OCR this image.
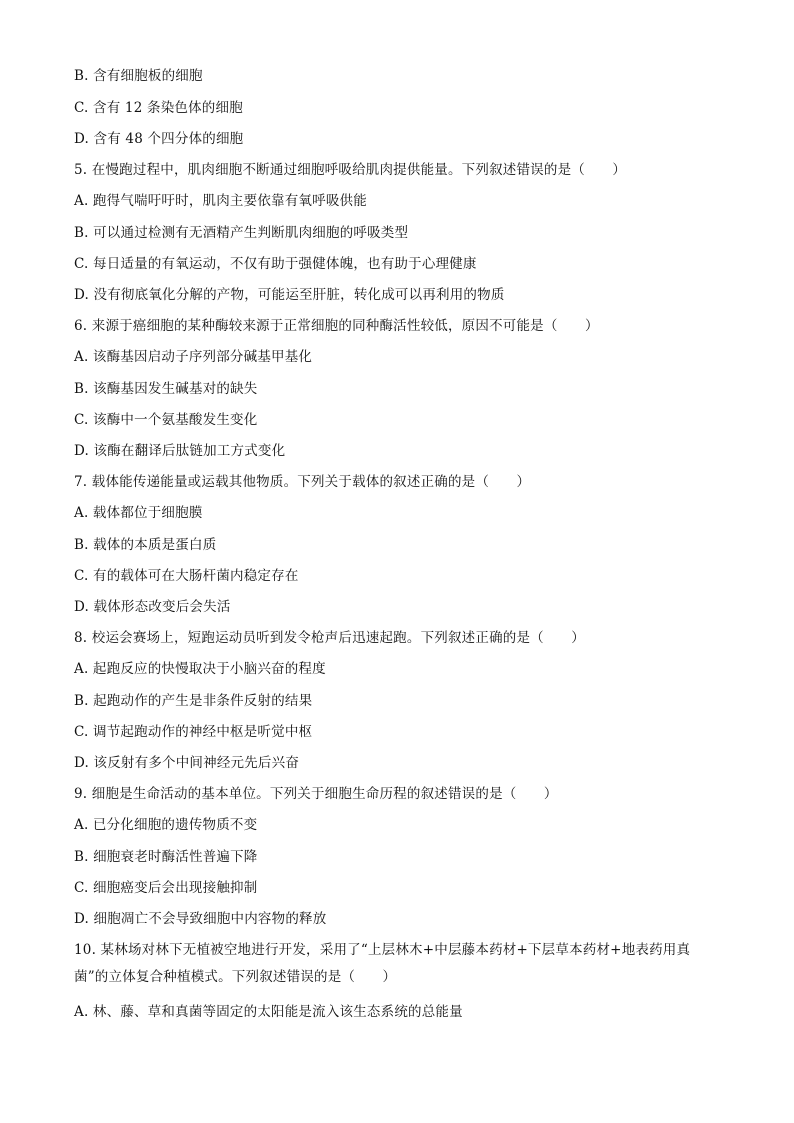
B. 含有细胞板的细胞
C. 含有 12 条染色体的细胞
D. 含有 48 个四分体的细胞
5. 在慢跑过程中，肌肉细胞不断通过细胞呼吸给肌肉提供能量。下列叙述错误的是（　　）
A. 跑得气喘吁吁时，肌肉主要依靠有氧呼吸供能
B. 可以通过检测有无酒精产生判断肌肉细胞的呼吸类型
C. 每日适量的有氧运动，不仅有助于强健体魄，也有助于心理健康
D. 没有彻底氧化分解的产物，可能运至肝脏，转化成可以再利用的物质
6. 来源于癌细胞的某种酶较来源于正常细胞的同种酶活性较低，原因不可能是（　　）
A. 该酶基因启动子序列部分碱基甲基化
B. 该酶基因发生碱基对的缺失
C. 该酶中一个氨基酸发生变化
D. 该酶在翻译后肽链加工方式变化
7. 载体能传递能量或运载其他物质。下列关于载体的叙述正确的是（　　）
A. 载体都位于细胞膜
B. 载体的本质是蛋白质
C. 有的载体可在大肠杆菌内稳定存在
D. 载体形态改变后会失活
8. 校运会赛场上，短跑运动员听到发令枪声后迅速起跑。下列叙述正确的是（　　）
A. 起跑反应的快慢取决于小脑兴奋的程度
B. 起跑动作的产生是非条件反射的结果
C. 调节起跑动作的神经中枢是听觉中枢
D. 该反射有多个中间神经元先后兴奋
9. 细胞是生命活动的基本单位。下列关于细胞生命历程的叙述错误的是（　　）
A. 已分化细胞的遗传物质不变
B. 细胞衰老时酶活性普遍下降
C. 细胞癌变后会出现接触抑制
D. 细胞凋亡不会导致细胞中内容物的释放
10. 某林场对林下无植被空地进行开发，采用了“上层林木+中层藤本药材+下层草本药材+地表药用真菌”的立体复合种植模式。下列叙述错误的是（　　）
A. 林、藤、草和真菌等固定的太阳能是流入该生态系统的总能量
